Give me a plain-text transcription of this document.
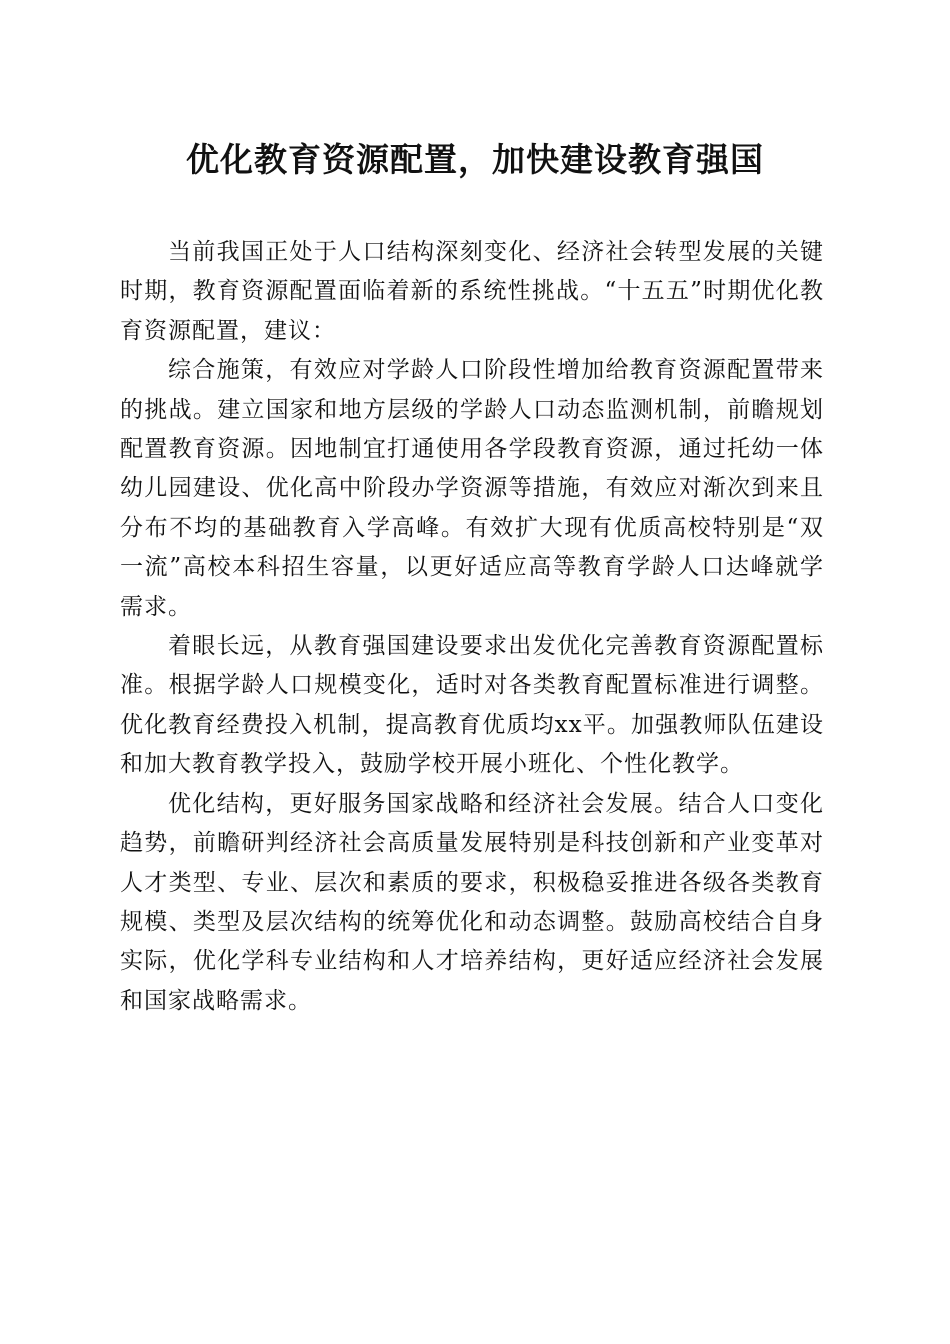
优化教育资源配置，加快建设教育强国

当前我国正处于人口结构深刻变化、经济社会转型发展的关键时期，教育资源配置面临着新的系统性挑战。“十五五”时期优化教育资源配置，建议：

综合施策，有效应对学龄人口阶段性增加给教育资源配置带来的挑战。建立国家和地方层级的学龄人口动态监测机制，前瞻规划配置教育资源。因地制宜打通使用各学段教育资源，通过托幼一体幼儿园建设、优化高中阶段办学资源等措施，有效应对渐次到来且分布不均的基础教育入学高峰。有效扩大现有优质高校特别是“双一流”高校本科招生容量，以更好适应高等教育学龄人口达峰就学需求。

着眼长远，从教育强国建设要求出发优化完善教育资源配置标准。根据学龄人口规模变化，适时对各类教育配置标准进行调整。优化教育经费投入机制，提高教育优质均xx平。加强教师队伍建设和加大教育教学投入，鼓励学校开展小班化、个性化教学。

优化结构，更好服务国家战略和经济社会发展。结合人口变化趋势，前瞻研判经济社会高质量发展特别是科技创新和产业变革对人才类型、专业、层次和素质的要求，积极稳妥推进各级各类教育规模、类型及层次结构的统筹优化和动态调整。鼓励高校结合自身实际，优化学科专业结构和人才培养结构，更好适应经济社会发展和国家战略需求。
